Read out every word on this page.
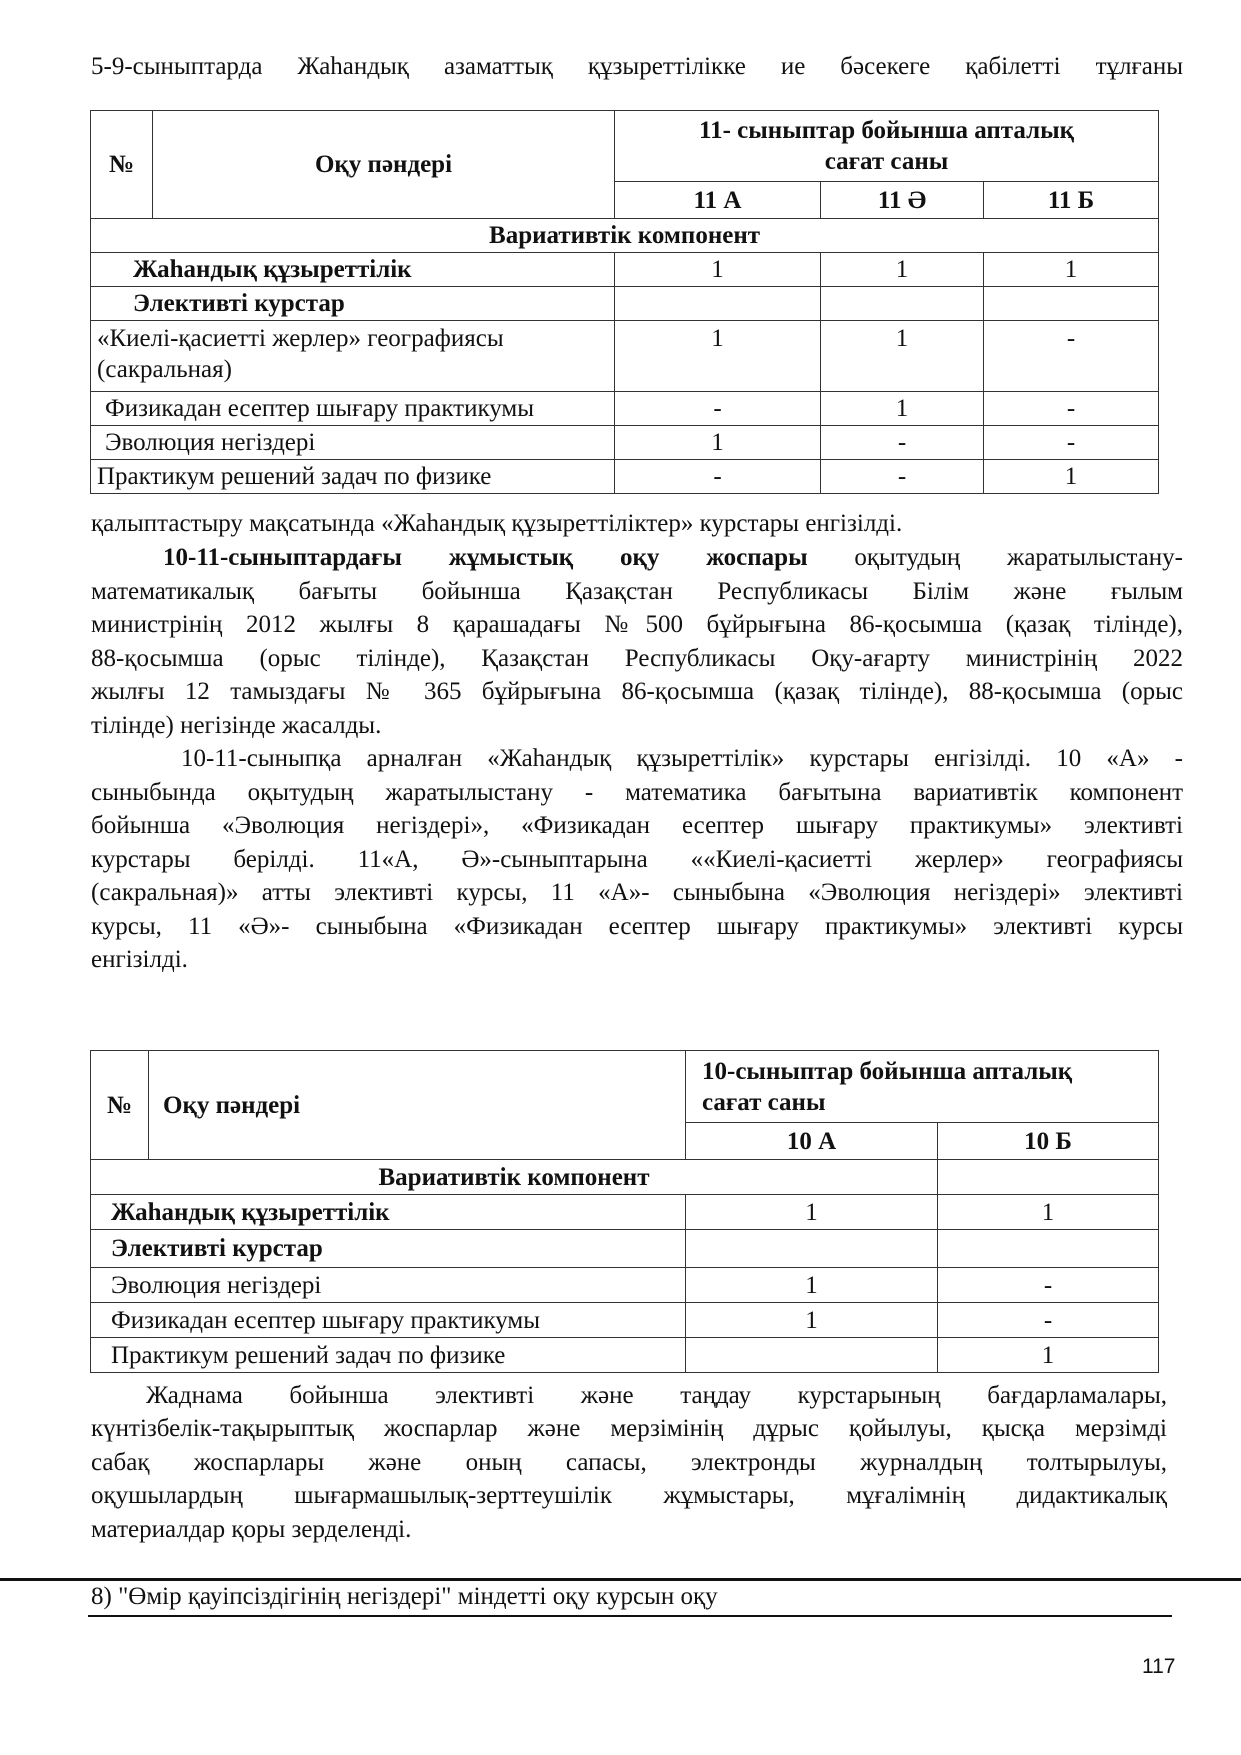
5-9-сыныптарда Жаһандық азаматтық құзыреттілікке ие бәсекеге қабілетті тұлғаны
№	Оқу пәндері	11- сыныптар бойынша апталық
сағат саны		

		11 А	11 Ә	11 Б
Вариативтік компонент				
Жаһандық құзыреттілік		1	1	1
Элективті курстар				

«Киелі-қасиетті жерлер» географиясы
(сакральная)		1	1	-
Физикадан есептер шығару практикумы		-	1	-
Эволюция негіздері		1	-	-
Практикум решений задач по физике		-	-	1
қалыптастыру мақсатында «Жаһандық құзыреттіліктер» курстары енгізілді.
10-11-сыныптардағы жұмыстық оқу жоспары оқытудың жаратылыстану-
математикалық бағыты бойынша Қазақстан Республикасы Білім және ғылым
министрінің 2012 жылғы 8 қарашадағы №500 бұйрығына 86-қосымша (қазақ тілінде),
88-қосымша (орыс тілінде), Қазақстан Республикасы Оқу-ағарту министрінің 2022
жылғы 12 тамыздағы № 365 бұйрығына 86-қосымша (қазақ тілінде), 88-қосымша (орыс
тілінде) негізінде жасалды.
10-11-сыныпқа арналған «Жаһандық құзыреттілік» курстары енгізілді. 10 «А» -
сыныбында оқытудың жаратылыстану - математика бағытына вариативтік компонент
бойынша «Эволюция негіздері», «Физикадан есептер шығару практикумы» элективті
курстары берілді. 11«А, Ә»-сыныптарына ««Киелі-қасиетті жерлер» географиясы
(сакральная)» атты элективті курсы, 11 «А»- сыныбына «Эволюция негіздері» элективті
курсы, 11 «Ә»- сыныбына «Физикадан есептер шығару практикумы» элективті курсы
енгізілді.
№	Оқу пәндері	10-сыныптар бойынша апталық
сағат саны	

		10 А	10 Б
Вариативтік компонент			
Жаһандық құзыреттілік		1	1
Элективті курстар			
Эволюция негіздері		1	-
Физикадан есептер шығару практикумы		1	-
Практикум решений задач по физике			1
Жаднама бойынша элективті және таңдау курстарының бағдарламалары,
күнтізбелік-тақырыптық жоспарлар және мерзімінің дұрыс қойылуы, қысқа мерзімді
сабақ жоспарлары және оның сапасы, электронды журналдың толтырылуы,
оқушылардың шығармашылық-зерттеушілік жұмыстары, мұғалімнің дидактикалық
материалдар қоры зерделенді.
8) "Өмір қауіпсіздігінің негіздері" міндетті оқу курсын оқу
117
